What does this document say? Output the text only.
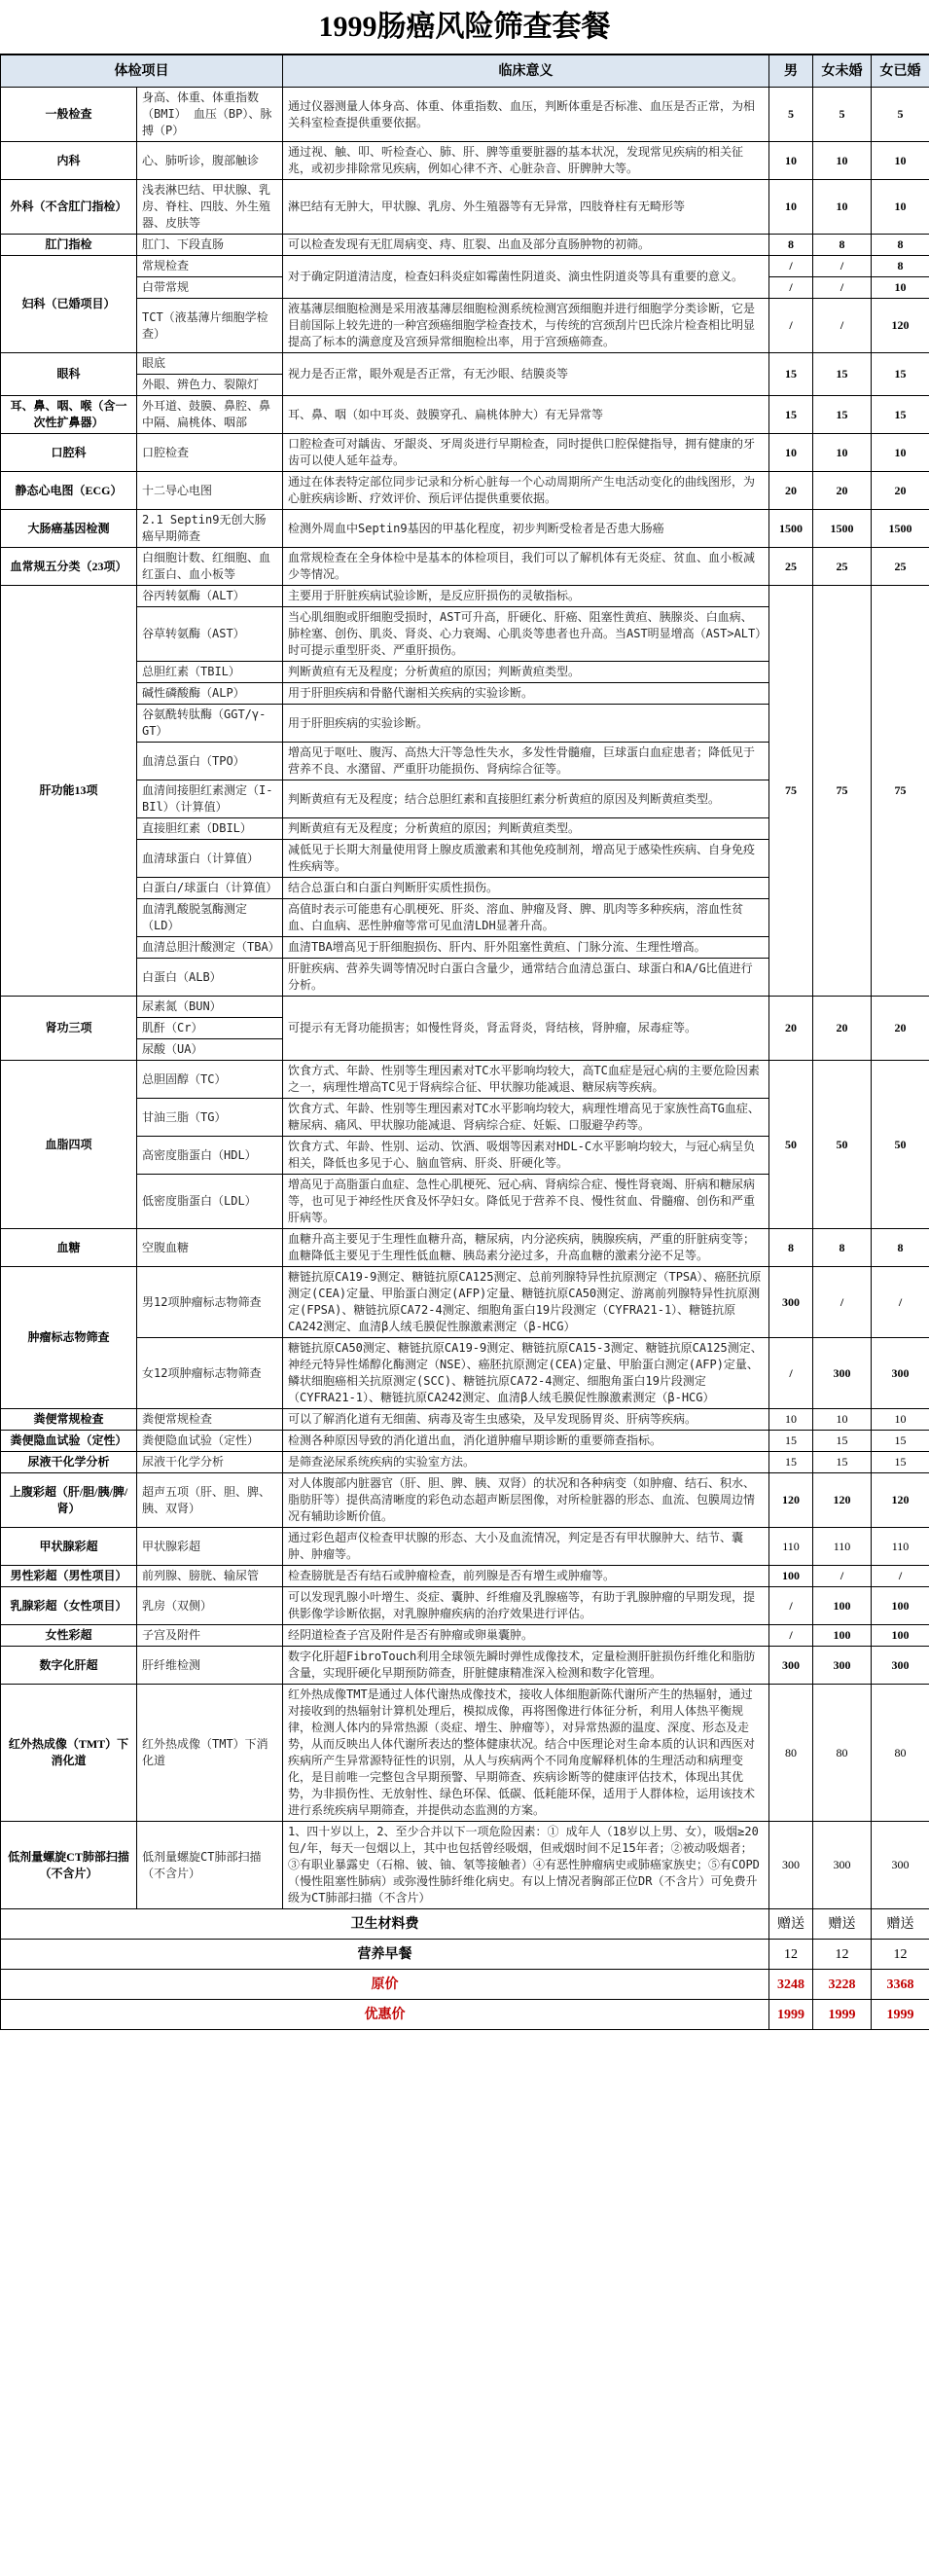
1999肠癌风险筛查套餐
体检项目		临床意义	男	女未婚	女已婚
一般检查	身高、体重、体重指数（BMI） 血压（BP）、脉搏（P）	通过仪器测量人体身高、体重、体重指数、血压，判断体重是否标准、血压是否正常，为相关科室检查提供重要依据。	5	5	5
内科	心、肺听诊，腹部触诊	通过视、触、叩、听检查心、肺、肝、脾等重要脏器的基本状况，发现常见疾病的相关征兆，或初步排除常见疾病，例如心律不齐、心脏杂音、肝脾肿大等。	10	10	10
外科（不含肛门指检）	浅表淋巴结、甲状腺、乳房、脊柱、四肢、外生殖器、皮肤等	淋巴结有无肿大，甲状腺、乳房、外生殖器等有无异常，四肢脊柱有无畸形等	10	10	10
肛门指检	肛门、下段直肠	可以检查发现有无肛周病变、痔、肛裂、出血及部分直肠肿物的初筛。	8	8	8
妇科（已婚项目）	常规检查	对于确定阴道清洁度，检查妇科炎症如霉菌性阴道炎、滴虫性阴道炎等具有重要的意义。	/	/	8
	白带常规		/	/	10
	TCT（液基薄片细胞学检查）	液基薄层细胞检测是采用液基薄层细胞检测系统检测宫颈细胞并进行细胞学分类诊断，它是目前国际上较先进的一种宫颈癌细胞学检查技术，与传统的宫颈刮片巴氏涂片检查相比明显提高了标本的满意度及宫颈异常细胞检出率，用于宫颈癌筛查。	/	/	120
眼科	眼底	视力是否正常，眼外观是否正常，有无沙眼、结膜炎等	15	15	15
	外眼、辨色力、裂隙灯				
耳、鼻、咽、喉（含一次性扩鼻器）	外耳道、鼓膜、鼻腔、鼻中隔、扁桃体、咽部	耳、鼻、咽（如中耳炎、鼓膜穿孔、扁桃体肿大）有无异常等	15	15	15
口腔科	口腔检查	口腔检查可对龋齿、牙龈炎、牙周炎进行早期检查，同时提供口腔保健指导，拥有健康的牙齿可以使人延年益寿。	10	10	10
静态心电图（ECG）	十二导心电图	通过在体表特定部位同步记录和分析心脏每一个心动周期所产生电活动变化的曲线图形，为心脏疾病诊断、疗效评价、预后评估提供重要依据。	20	20	20
大肠癌基因检测	2.1 Septin9无创大肠癌早期筛查	检测外周血中Septin9基因的甲基化程度，初步判断受检者是否患大肠癌	1500	1500	1500
血常规五分类（23项）	白细胞计数、红细胞、血红蛋白、血小板等	血常规检查在全身体检中是基本的体检项目，我们可以了解机体有无炎症、贫血、血小板减少等情况。	25	25	25
肝功能13项	谷丙转氨酶（ALT）	主要用于肝脏疾病试验诊断，是反应肝损伤的灵敏指标。	75	75	75
	谷草转氨酶（AST）	当心肌细胞或肝细胞受损时，AST可升高，肝硬化、肝癌、阻塞性黄疸、胰腺炎、白血病、肺栓塞、创伤、肌炎、肾炎、心力衰竭、心肌炎等患者也升高。当AST明显增高（AST>ALT）时可提示重型肝炎、严重肝损伤。			
	总胆红素（TBIL）	判断黄疸有无及程度；分析黄疸的原因；判断黄疸类型。			
	碱性磷酸酶（ALP）	用于肝胆疾病和骨骼代谢相关疾病的实验诊断。			
	谷氨酰转肽酶（GGT/γ-GT）	用于肝胆疾病的实验诊断。			
	血清总蛋白（TPO）	增高见于呕吐、腹泻、高热大汗等急性失水，多发性骨髓瘤，巨球蛋白血症患者；降低见于营养不良、水潴留、严重肝功能损伤、肾病综合征等。			
	血清间接胆红素测定（I-BIl）（计算值）	判断黄疸有无及程度；结合总胆红素和直接胆红素分析黄疸的原因及判断黄疸类型。			
	直接胆红素（DBIL）	判断黄疸有无及程度；分析黄疸的原因；判断黄疸类型。			
	血清球蛋白（计算值）	减低见于长期大剂量使用肾上腺皮质激素和其他免疫制剂，增高见于感染性疾病、自身免疫性疾病等。			
	白蛋白/球蛋白（计算值）	结合总蛋白和白蛋白判断肝实质性损伤。			
	血清乳酸脱氢酶测定（LD）	高值时表示可能患有心肌梗死、肝炎、溶血、肿瘤及肾、脾、肌肉等多种疾病，溶血性贫血、白血病、恶性肿瘤等常可见血清LDH显著升高。			
	血清总胆汁酸测定（TBA）	血清TBA增高见于肝细胞损伤、肝内、肝外阻塞性黄疸、门脉分流、生理性增高。			
	白蛋白（ALB）	肝脏疾病、营养失调等情况时白蛋白含量少，通常结合血清总蛋白、球蛋白和A/G比值进行分析。			
肾功三项	尿素氮（BUN）	可提示有无肾功能损害；如慢性肾炎，肾盂肾炎，肾结核，肾肿瘤，尿毒症等。	20	20	20
	肌酐（Cr）				
	尿酸（UA）				
血脂四项	总胆固醇（TC）	饮食方式、年龄、性别等生理因素对TC水平影响均较大，高TC血症是冠心病的主要危险因素之一，病理性增高TC见于肾病综合征、甲状腺功能减退、糖尿病等疾病。	50	50	50
	甘油三脂（TG）	饮食方式、年龄、性别等生理因素对TC水平影响均较大，病理性增高见于家族性高TG血症、糖尿病、痛风、甲状腺功能减退、肾病综合症、妊娠、口服避孕药等。			
	高密度脂蛋白（HDL）	饮食方式、年龄、性别、运动、饮酒、吸烟等因素对HDL-C水平影响均较大，与冠心病呈负相关，降低也多见于心、脑血管病、肝炎、肝硬化等。			
	低密度脂蛋白（LDL）	增高见于高脂蛋白血症、急性心肌梗死、冠心病、肾病综合症、慢性肾衰竭、肝病和糖尿病等，也可见于神经性厌食及怀孕妇女。降低见于营养不良、慢性贫血、骨髓瘤、创伤和严重肝病等。			
血糖	空腹血糖	血糖升高主要见于生理性血糖升高，糖尿病，内分泌疾病，胰腺疾病，严重的肝脏病变等；血糖降低主要见于生理性低血糖、胰岛素分泌过多，升高血糖的激素分泌不足等。	8	8	8
肿瘤标志物筛查	男12项肿瘤标志物筛查	糖链抗原CA19-9测定、糖链抗原CA125测定、总前列腺特异性抗原测定（TPSA）、癌胚抗原测定(CEA)定量、甲胎蛋白测定(AFP)定量、糖链抗原CA50测定、游离前列腺特异性抗原测定(FPSA)、糖链抗原CA72-4测定、细胞角蛋白19片段测定（CYFRA21-1）、糖链抗原CA242测定、血清β人绒毛膜促性腺激素测定（β-HCG）	300	/	/
	女12项肿瘤标志物筛查	糖链抗原CA50测定、糖链抗原CA19-9测定、糖链抗原CA15-3测定、糖链抗原CA125测定、神经元特异性烯醇化酶测定（NSE）、癌胚抗原测定(CEA)定量、甲胎蛋白测定(AFP)定量、鳞状细胞癌相关抗原测定(SCC)、糖链抗原CA72-4测定、细胞角蛋白19片段测定（CYFRA21-1）、糖链抗原CA242测定、血清β人绒毛膜促性腺激素测定（β-HCG）	/	300	300
粪便常规检查	粪便常规检查	可以了解消化道有无细菌、病毒及寄生虫感染，及早发现肠胃炎、肝病等疾病。	10	10	10
粪便隐血试验（定性）	粪便隐血试验（定性）	检测各种原因导致的消化道出血，消化道肿瘤早期诊断的重要筛查指标。	15	15	15
尿液干化学分析	尿液干化学分析	是筛查泌尿系统疾病的实验室方法。	15	15	15
上腹彩超（肝/胆/胰/脾/肾）	超声五项（肝、胆、脾、胰、双肾）	对人体腹部内脏器官（肝、胆、脾、胰、双肾）的状况和各种病变（如肿瘤、结石、积水、脂肪肝等）提供高清晰度的彩色动态超声断层图像，对所检脏器的形态、血流、包膜周边情况有辅助诊断价值。	120	120	120
甲状腺彩超	甲状腺彩超	通过彩色超声仪检查甲状腺的形态、大小及血流情况，判定是否有甲状腺肿大、结节、囊肿、肿瘤等。	110	110	110
男性彩超（男性项目）	前列腺、膀胱、输尿管	检查膀胱是否有结石或肿瘤检查，前列腺是否有增生或肿瘤等。	100	/	/
乳腺彩超（女性项目）	乳房（双侧）	可以发现乳腺小叶增生、炎症、囊肿、纤维瘤及乳腺癌等，有助于乳腺肿瘤的早期发现，提供影像学诊断依据，对乳腺肿瘤疾病的治疗效果进行评估。	/	100	100
女性彩超	子宫及附件	经阴道检查子宫及附件是否有肿瘤或卵巢囊肿。	/	100	100
数字化肝超	肝纤维检测	数字化肝超FibroTouch利用全球领先瞬时弹性成像技术，定量检测肝脏损伤纤维化和脂肪含量，实现肝硬化早期预防筛查，肝脏健康精准深入检测和数字化管理。	300	300	300
红外热成像（TMT）下消化道	红外热成像（TMT）下消化道	红外热成像TMT是通过人体代谢热成像技术，接收人体细胞新陈代谢所产生的热辐射，通过对接收到的热辐射计算机处理后，模拟成像，再将图像进行体征分析，利用人体热平衡规律，检测人体内的异常热源（炎症、增生、肿瘤等），对异常热源的温度、深度、形态及走势，从而反映出人体代谢所表达的整体健康状况。结合中医理论对生命本质的认识和西医对疾病所产生异常源特征性的识别，从人与疾病两个不同角度解释机体的生理活动和病理变化，是目前唯一完整包含早期预警、早期筛查、疾病诊断等的健康评估技术，体现出其优势，为非损伤性、无放射性、绿色环保、低碳、低耗能环保，适用于人群体检，运用该技术进行系统疾病早期筛查，并提供动态监测的方案。	80	80	80
低剂量螺旋CT肺部扫描（不含片）	低剂量螺旋CT肺部扫描（不含片）	1、四十岁以上，2、至少合并以下一项危险因素：① 成年人（18岁以上男、女），吸烟≥20包/年，每天一包烟以上，其中也包括曾经吸烟，但戒烟时间不足15年者；②被动吸烟者；③有职业暴露史（石棉、铍、铀、氡等接触者）④有恶性肿瘤病史或肺癌家族史；⑤有COPD（慢性阻塞性肺病）或弥漫性肺纤维化病史。有以上情况者胸部正位DR（不含片）可免费升级为CT肺部扫描（不含片）	300	300	300
卫生材料费			赠送	赠送	赠送
营养早餐			12	12	12
原价			3248	3228	3368
优惠价			1999	1999	1999
